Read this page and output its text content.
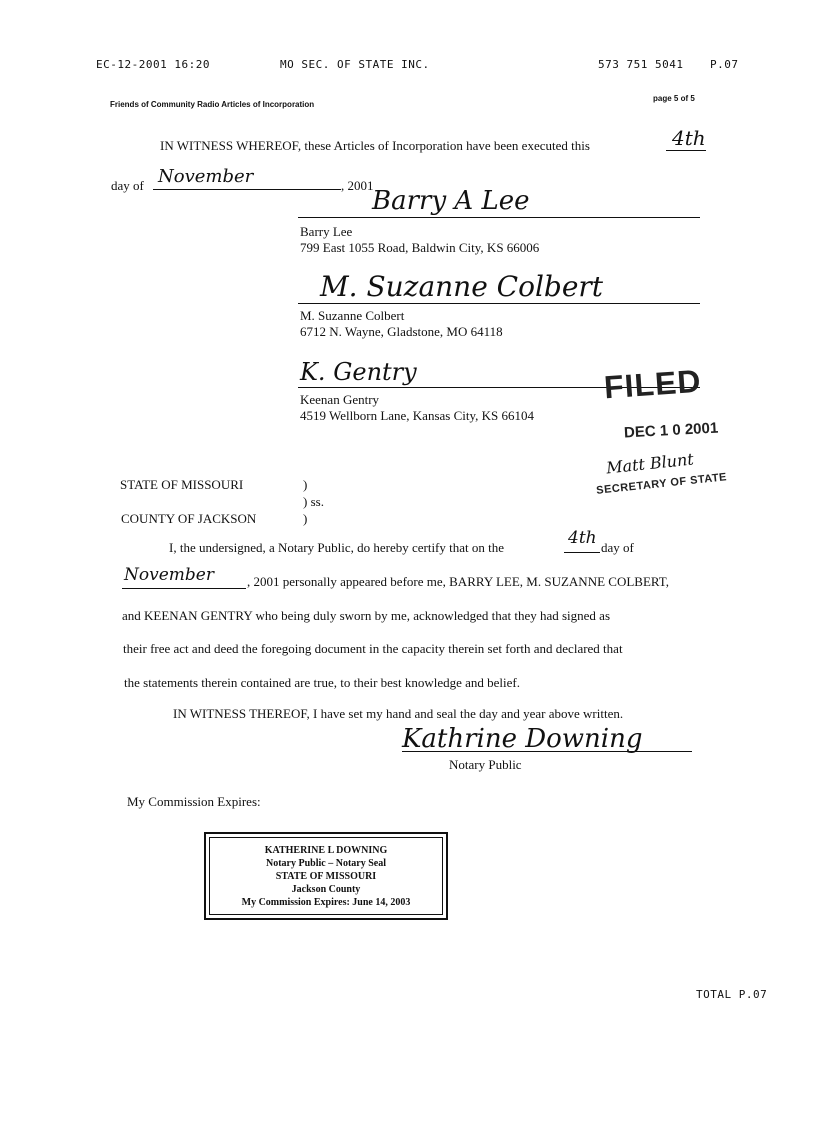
EC-12-2001 16:20	MO SEC. OF STATE INC.	573 751 5041 P.07
Friends of Community Radio Articles of Incorporation
page 5 of 5
IN WITNESS WHEREOF, these Articles of Incorporation have been executed this	4th
day of November	, 2001
Barry A Lee
Barry Lee
799 East 1055 Road, Baldwin City, KS 66006
M. Suzanne Colbert
M. Suzanne Colbert
6712 N. Wayne, Gladstone, MO 64118
K. Gentry
Keenan Gentry
4519 Wellborn Lane, Kansas City, KS 66104
FILED
DEC 1 0 2001
Matt Blunt
SECRETARY OF STATE
STATE OF MISSOURI	)
) ss.
COUNTY OF JACKSON	)
I, the undersigned, a Notary Public, do hereby certify that on the	4th day of
November	, 2001 personally appeared before me, BARRY LEE, M. SUZANNE COLBERT,
and KEENAN GENTRY who being duly sworn by me, acknowledged that they had signed as
their free act and deed the foregoing document in the capacity therein set forth and declared that
the statements therein contained are true, to their best knowledge and belief.
IN WITNESS THEREOF, I have set my hand and seal the day and year above written.
Kathrine Downing
Notary Public
My Commission Expires:
KATHERINE L DOWNING
Notary Public – Notary Seal
STATE OF MISSOURI
Jackson County
My Commission Expires: June 14, 2003
TOTAL P.07
